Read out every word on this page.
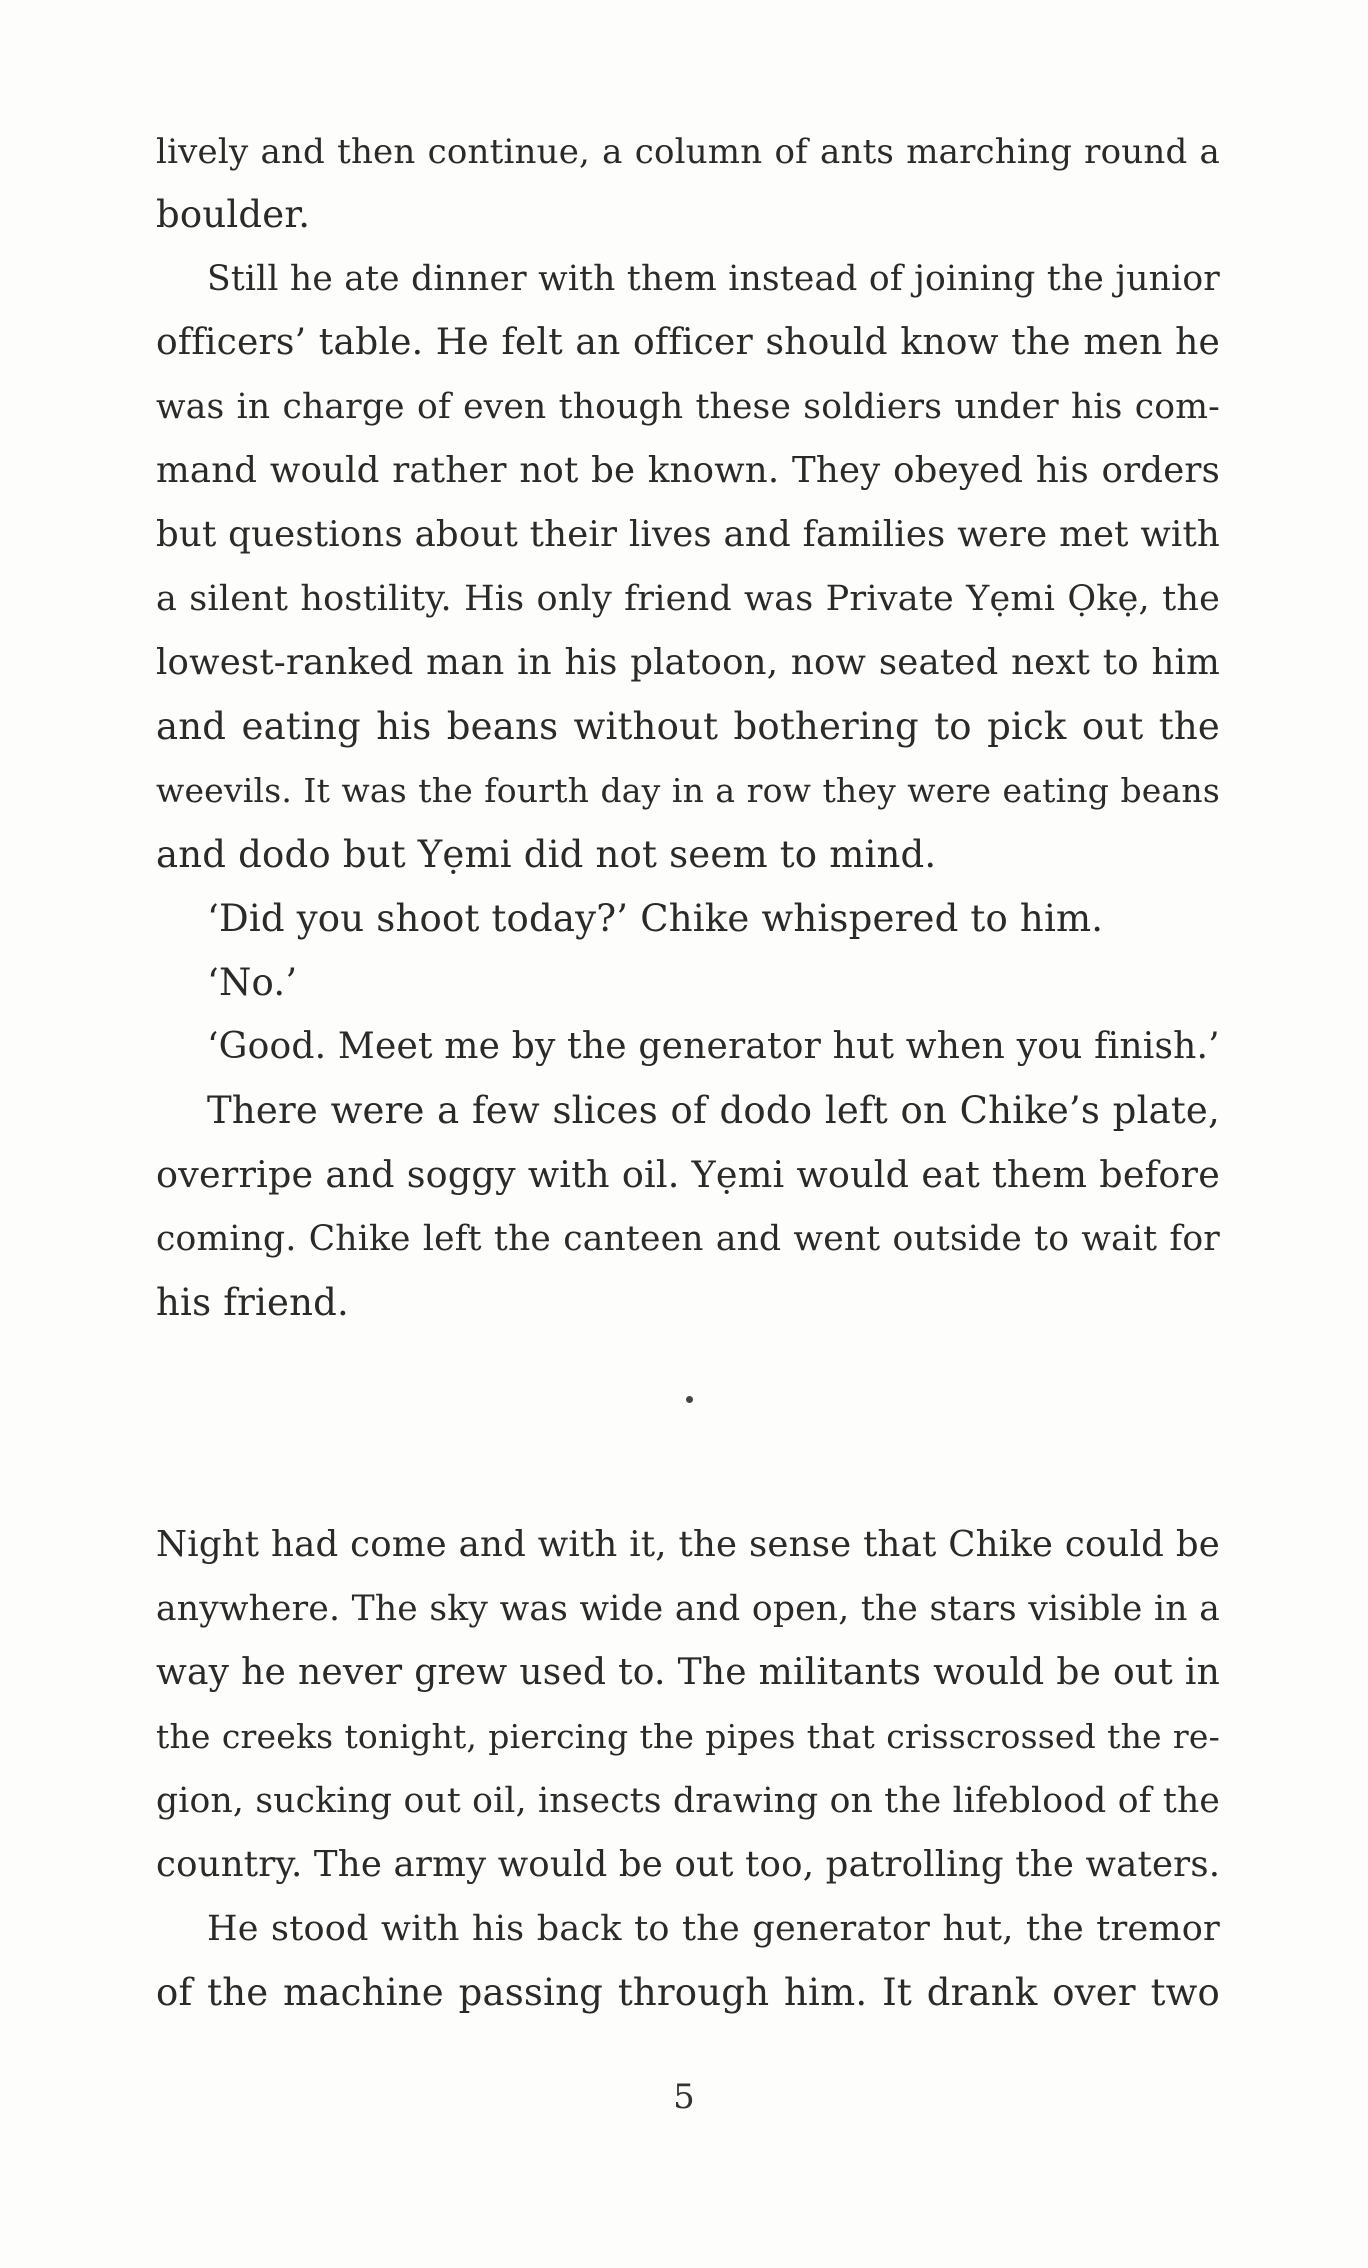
lively and then continue, a column of ants marching round a
boulder.
Still he ate dinner with them instead of joining the junior
officers’ table. He felt an officer should know the men he
was in charge of even though these soldiers under his com-
mand would rather not be known. They obeyed his orders
but questions about their lives and families were met with
a silent hostility. His only friend was Private Yẹmi Ọkẹ, the
lowest-ranked man in his platoon, now seated next to him
and eating his beans without bothering to pick out the
weevils. It was the fourth day in a row they were eating beans
and dodo but Yẹmi did not seem to mind.
‘Did you shoot today?’ Chike whispered to him.
‘No.’
‘Good. Meet me by the generator hut when you finish.’
There were a few slices of dodo left on Chike’s plate,
overripe and soggy with oil. Yẹmi would eat them before
coming. Chike left the canteen and went outside to wait for
his friend.
Night had come and with it, the sense that Chike could be
anywhere. The sky was wide and open, the stars visible in a
way he never grew used to. The militants would be out in
the creeks tonight, piercing the pipes that crisscrossed the re-
gion, sucking out oil, insects drawing on the lifeblood of the
country. The army would be out too, patrolling the waters.
He stood with his back to the generator hut, the tremor
of the machine passing through him. It drank over two
5
